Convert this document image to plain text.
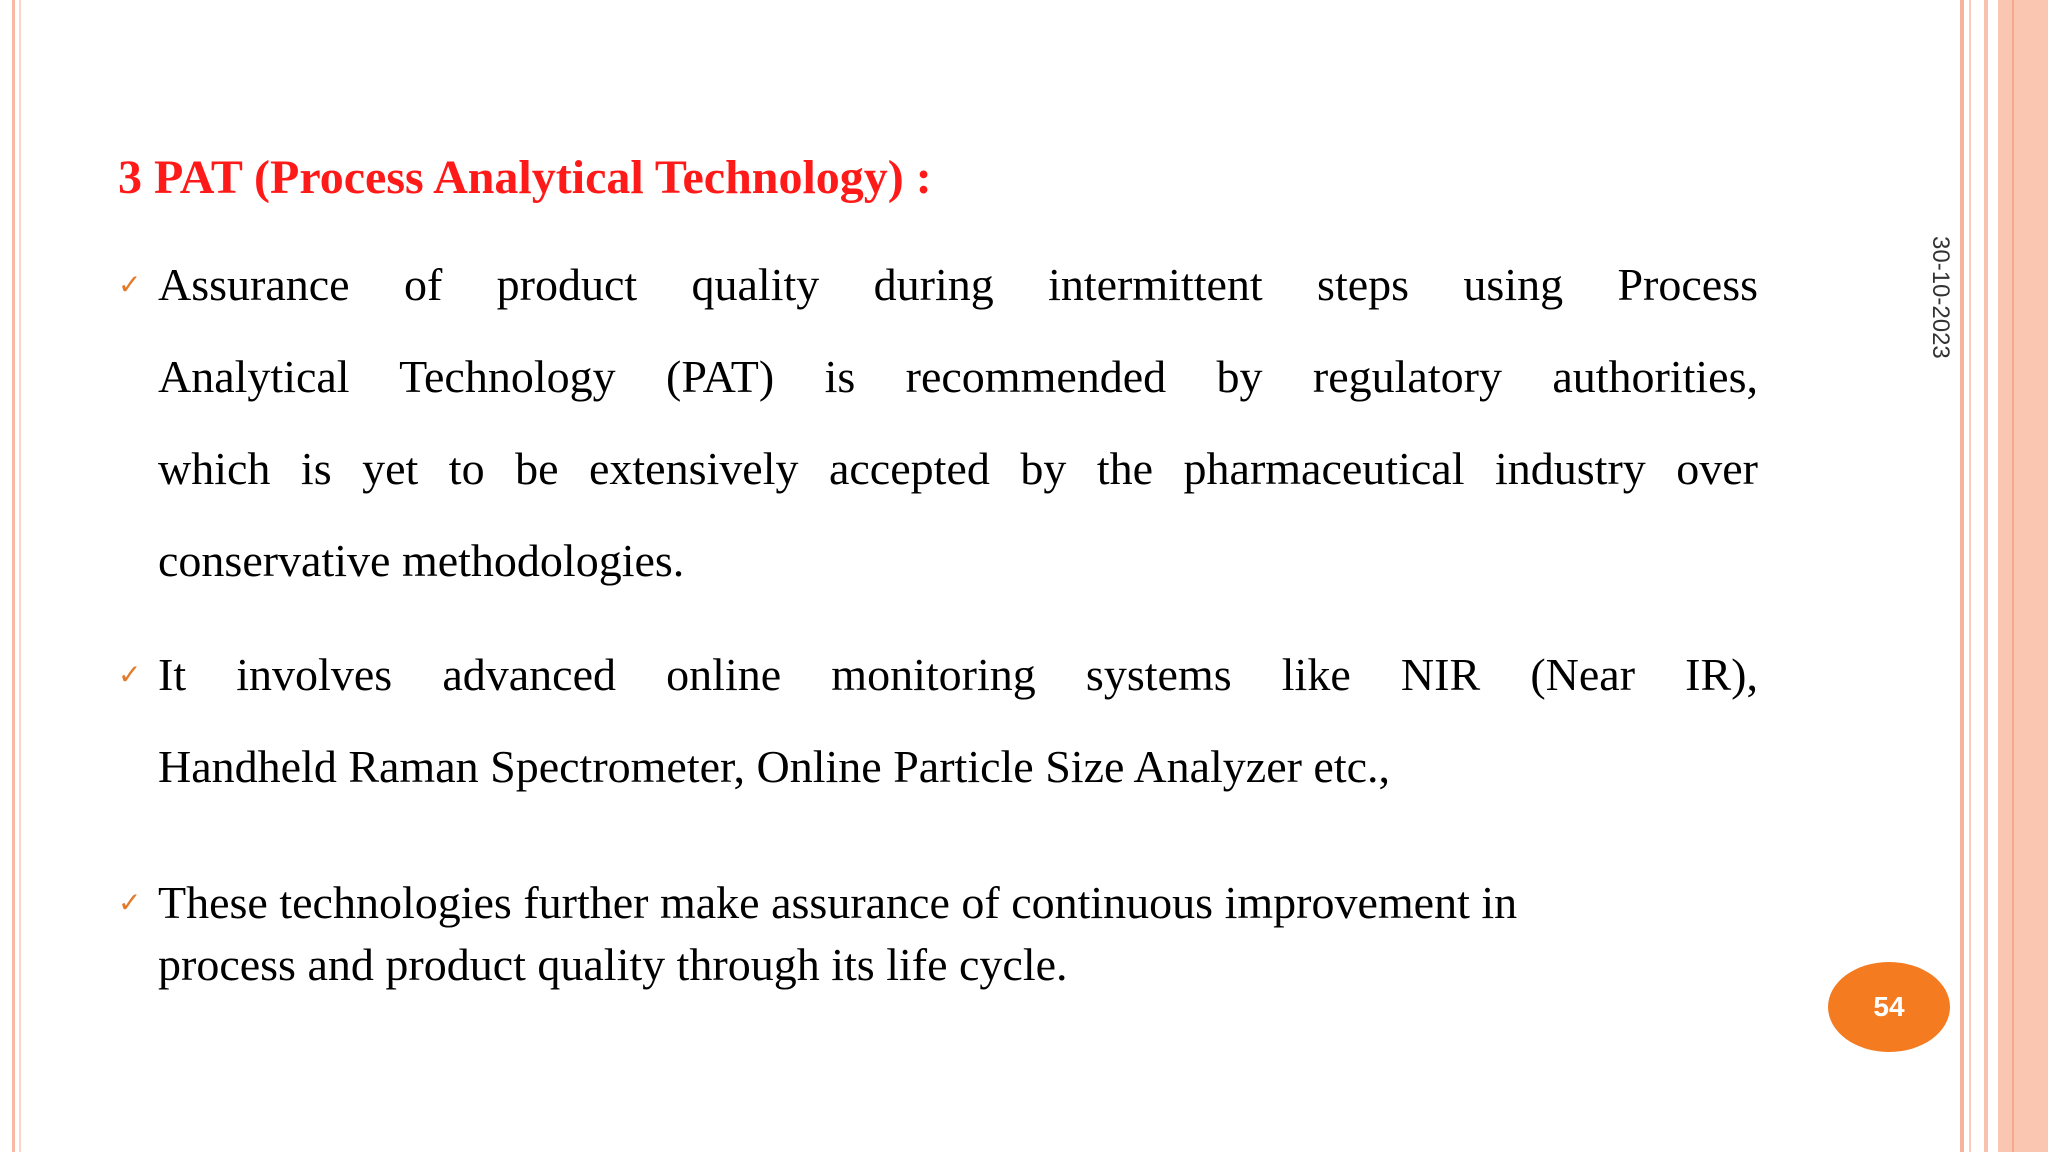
3 PAT (Process Analytical Technology) :
30-10-2023
✓ Assurance of product quality during intermittent steps using Process
Analytical Technology (PAT) is recommended by regulatory authorities,
which is yet to be extensively accepted by the pharmaceutical industry over
conservative methodologies.
✓ It involves advanced online monitoring systems like NIR (Near IR),
Handheld Raman Spectrometer, Online Particle Size Analyzer etc.,
✓ These technologies further make assurance of continuous improvement in
process and product quality through its life cycle.
54
